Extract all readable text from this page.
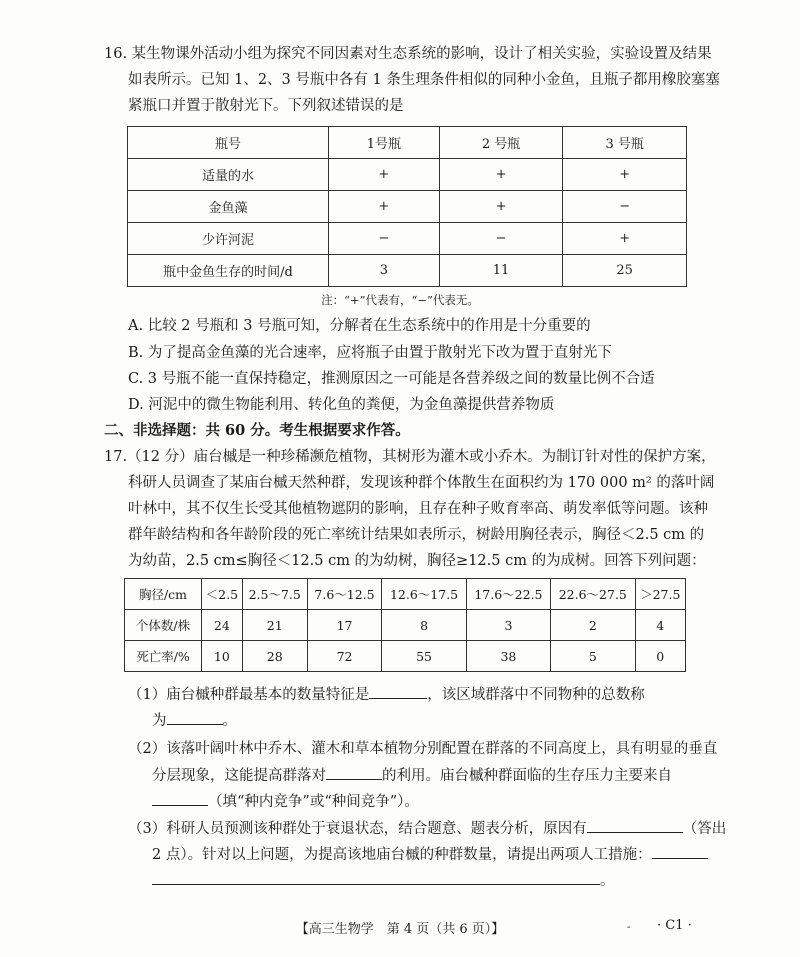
16. 某生物课外活动小组为探究不同因素对生态系统的影响，设计了相关实验，实验设置及结果
如表所示。已知 1、2、3 号瓶中各有 1 条生理条件相似的同种小金鱼，且瓶子都用橡胶塞塞
紧瓶口并置于散射光下。下列叙述错误的是
瓶号	1号瓶	2 号瓶	3 号瓶
适量的水	+	+	+
金鱼藻	+	+	−
少许河泥	−	−	+
瓶中金鱼生存的时间/d	3	11	25
注：“+”代表有，“−”代表无。
A. 比较 2 号瓶和 3 号瓶可知，分解者在生态系统中的作用是十分重要的
B. 为了提高金鱼藻的光合速率，应将瓶子由置于散射光下改为置于直射光下
C. 3 号瓶不能一直保持稳定，推测原因之一可能是各营养级之间的数量比例不合适
D. 河泥中的微生物能利用、转化鱼的粪便，为金鱼藻提供营养物质
二、非选择题：共 60 分。考生根据要求作答。
17.（12 分）庙台槭是一种珍稀濒危植物，其树形为灌木或小乔木。为制订针对性的保护方案，
科研人员调查了某庙台槭天然种群，发现该种群个体散生在面积约为 170 000 m² 的落叶阔
叶林中，其不仅生长受其他植物遮阴的影响，且存在种子败育率高、萌发率低等问题。该种
群年龄结构和各年龄阶段的死亡率统计结果如表所示，树龄用胸径表示，胸径＜2.5 cm 的
为幼苗，2.5 cm≤胸径＜12.5 cm 的为幼树，胸径≥12.5 cm 的为成树。回答下列问题：
胸径/cm	＜2.5	2.5～7.5	7.6～12.5	12.6～17.5	17.6～22.5	22.6～27.5	＞27.5
个体数/株	24	21	17	8	3	2	4
死亡率/%	10	28	72	55	38	5	0
（1）庙台槭种群最基本的数量特征是	，该区域群落中不同物种的总数称
为	。
（2）该落叶阔叶林中乔木、灌木和草本植物分别配置在群落的不同高度上，具有明显的垂直
分层现象，这能提高群落对	的利用。庙台槭种群面临的生存压力主要来自
（填“种内竞争”或“种间竞争”）。
（3）科研人员预测该种群处于衰退状态，结合题意、题表分析，原因有	（答出
2 点）。针对以上问题，为提高该地庙台槭的种群数量，请提出两项人工措施：
。
【高三生物学　第 4 页（共 6 页）】	- · C1 ·
